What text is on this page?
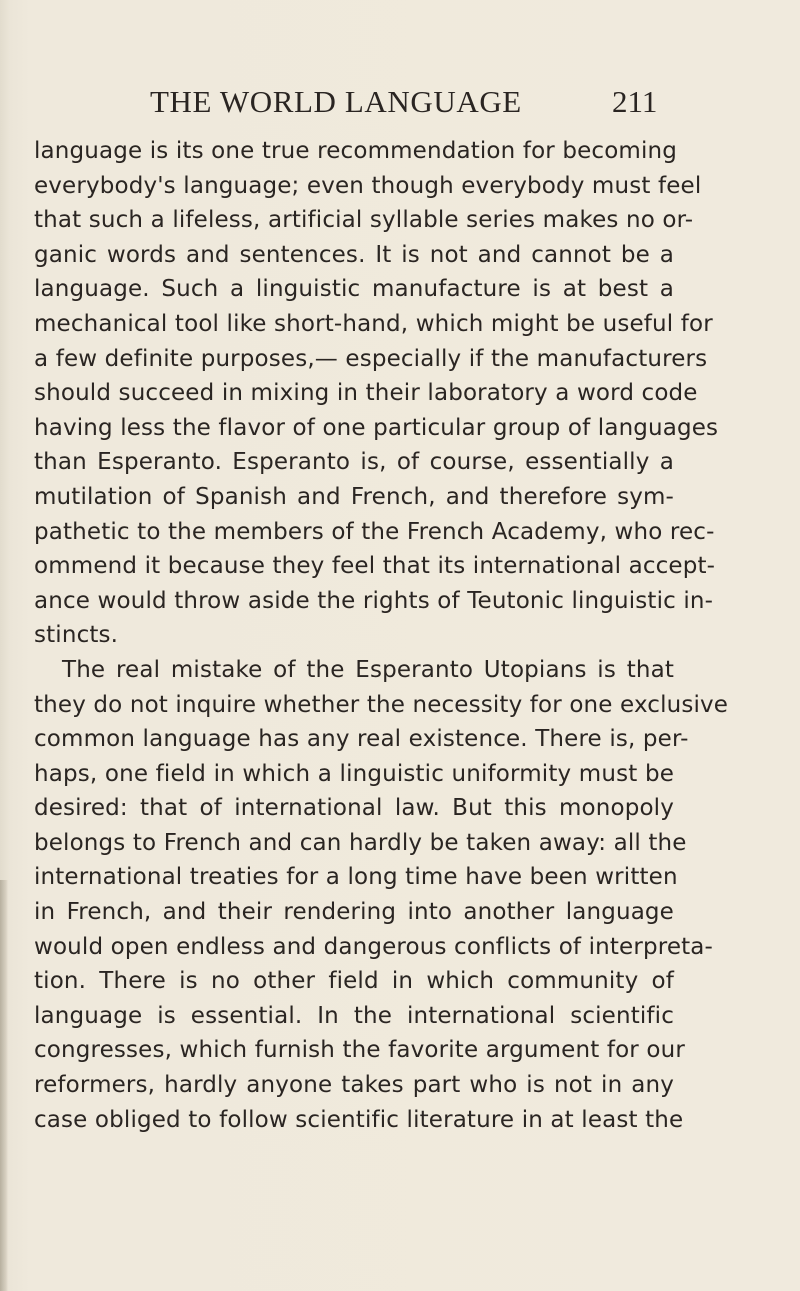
THE WORLD LANGUAGE	211
language is its one true recommendation for becoming
everybody's language; even though everybody must feel
that such a lifeless, artificial syllable series makes no or-
ganic words and sentences. It is not and cannot be a
language. Such a linguistic manufacture is at best a
mechanical tool like short-hand, which might be useful for
a few definite purposes,— especially if the manufacturers
should succeed in mixing in their laboratory a word code
having less the flavor of one particular group of languages
than Esperanto. Esperanto is, of course, essentially a
mutilation of Spanish and French, and therefore sym-
pathetic to the members of the French Academy, who rec-
ommend it because they feel that its international accept-
ance would throw aside the rights of Teutonic linguistic in-
stincts.
The real mistake of the Esperanto Utopians is that
they do not inquire whether the necessity for one exclusive
common language has any real existence. There is, per-
haps, one field in which a linguistic uniformity must be
desired: that of international law. But this monopoly
belongs to French and can hardly be taken away: all the
international treaties for a long time have been written
in French, and their rendering into another language
would open endless and dangerous conflicts of interpreta-
tion. There is no other field in which community of
language is essential. In the international scientific
congresses, which furnish the favorite argument for our
reformers, hardly anyone takes part who is not in any
case obliged to follow scientific literature in at least the
